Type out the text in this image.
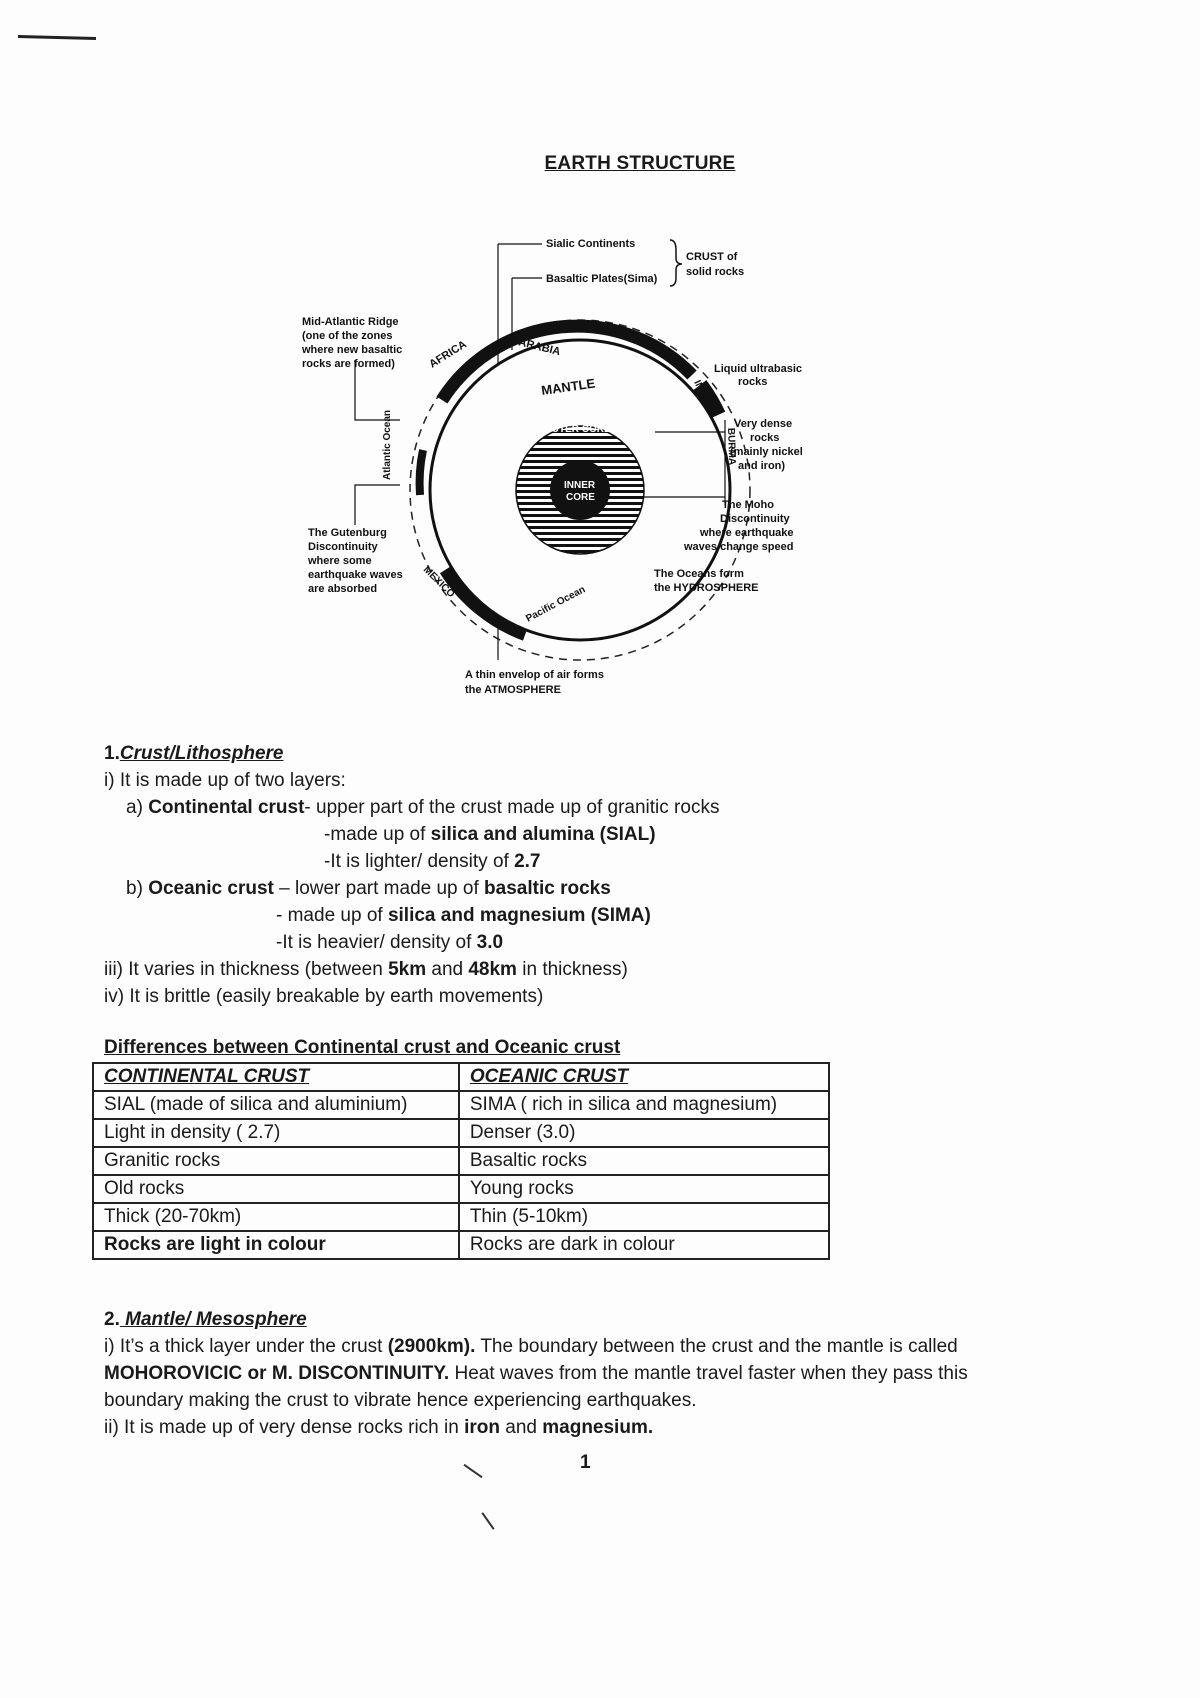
EARTH STRUCTURE
Sialic Continents
Basaltic Plates(Sima)
CRUST of
solid rocks
Mid-Atlantic Ridge
(one of the zones
where new basaltic
rocks are formed)	AFRICA	ARABIA
INDIA
BURMA
MEXICO
Atlantic Ocean
Pacific Ocean
MANTLE
OUTER CORE
INNER
CORE
Liquid ultrabasic
rocks
Very dense
rocks
(mainly nickel
and iron)
The Moho
Discontinuity
where earthquake
waves change speed
The Gutenburg
Discontinuity
where some
earthquake waves
are absorbed
The Oceans form
the HYDROSPHERE
A thin envelop of air forms
the ATMOSPHERE
1.Crust/Lithosphere
i) It is made up of two layers:
a) Continental crust- upper part of the crust made up of granitic rocks
-made up of silica and alumina (SIAL)
-It is lighter/ density of 2.7
b) Oceanic crust – lower part made up of basaltic rocks
- made up of silica and magnesium (SIMA)
-It is heavier/ density of 3.0
iii) It varies in thickness (between 5km and 48km in thickness)
iv) It is brittle (easily breakable by earth movements)
Differences between Continental crust and Oceanic crust
CONTINENTAL CRUST	OCEANIC CRUST
SIAL (made of silica and aluminium)	SIMA ( rich in silica and magnesium)
Light in density ( 2.7)	Denser (3.0)
Granitic rocks	Basaltic rocks
Old rocks	Young rocks
Thick (20-70km)	Thin (5-10km)
Rocks are light in colour	Rocks are dark in colour
2. Mantle/ Mesosphere
i) It’s a thick layer under the crust (2900km). The boundary between the crust and the mantle is called
MOHOROVICIC or M. DISCONTINUITY. Heat waves from the mantle travel faster when they pass this
boundary making the crust to vibrate hence experiencing earthquakes.
ii) It is made up of very dense rocks rich in iron and magnesium.
1
